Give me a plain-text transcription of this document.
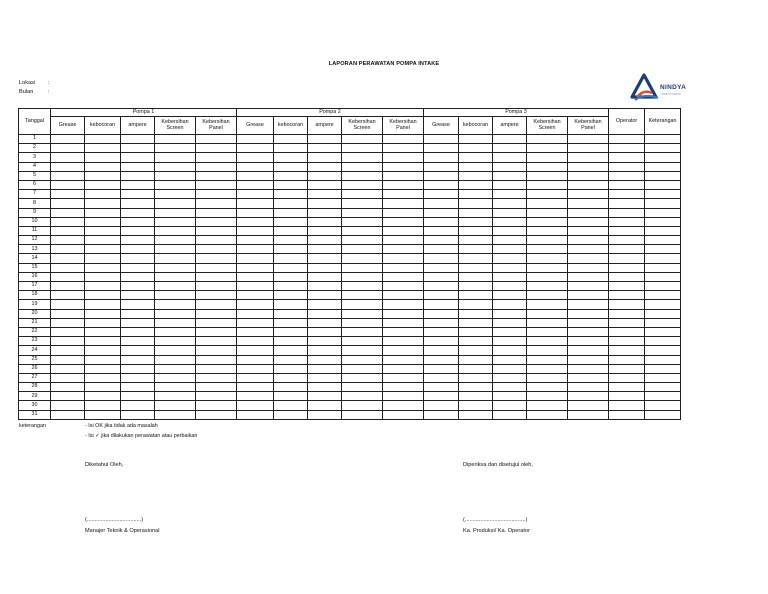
LAPORAN PERAWATAN POMPA INTAKE
Lokasi :
Bulan	:
NINDYA
NINDYA KARYA
Tanggal	Pompa 1					Pompa 2					Pompa 3					Operator	Keterangan
	Grease	kebocoran	ampere	Kebersihan Screen	Kebersihan Panel	Grease	kebocoran	ampere	Kebersihan Screen	Kebersihan Panel	Grease	kebocoran	ampere	Kebersihan Screen	Kebersihan Panel		
1																	
2																	
3																	
4																	
5																	
6																	
7																	
8																	
9																	
10																	
11																	
12																	
13																	
14																	
15																	
16																	
17																	
18																	
19																	
20																	
21																	
22																	
23																	
24																	
25																	
26																	
27																	
28																	
29																	
30																	
31																	
keterangan	- Isi OK jika tidak ada masalah
- Isi ✓ jika dilakukan perawatan atau perbaikan
Diketahui Oleh,
(...................................)
Manajer Teknik & Operasional
Diperiksa dan disetujui oleh,
(.......................................)
Ka. Produksi/ Ka. Operator
